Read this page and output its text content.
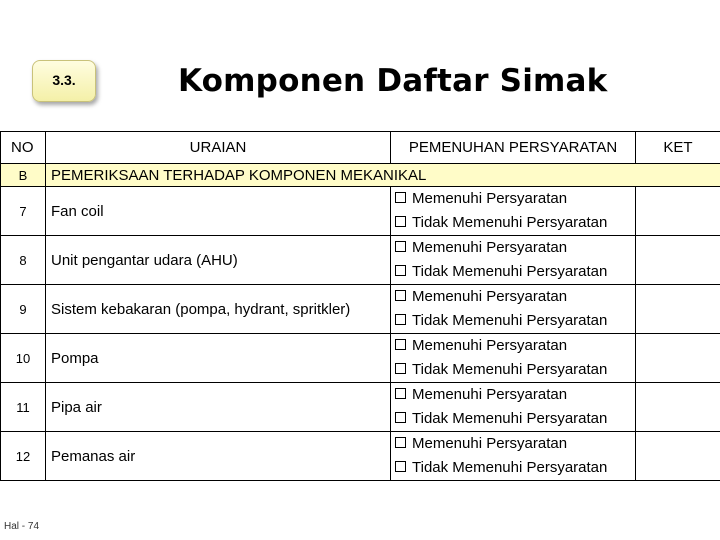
3.3.	Komponen Daftar Simak
NO	URAIAN	PEMENUHAN PERSYARATAN	KET
B	PEMERIKSAAN TERHADAP KOMPONEN MEKANIKAL		
7	Fan coil	Memenuhi Persyaratan
Tidak Memenuhi Persyaratan	

8	Unit pengantar udara (AHU)	Memenuhi Persyaratan
Tidak Memenuhi Persyaratan	

9	Sistem kebakaran (pompa, hydrant, spritkler)	Memenuhi Persyaratan
Tidak Memenuhi Persyaratan	

10	Pompa	Memenuhi Persyaratan
Tidak Memenuhi Persyaratan	

11	Pipa air	Memenuhi Persyaratan
Tidak Memenuhi Persyaratan	

12	Pemanas air	Memenuhi Persyaratan
Tidak Memenuhi Persyaratan	

Hal - 74
